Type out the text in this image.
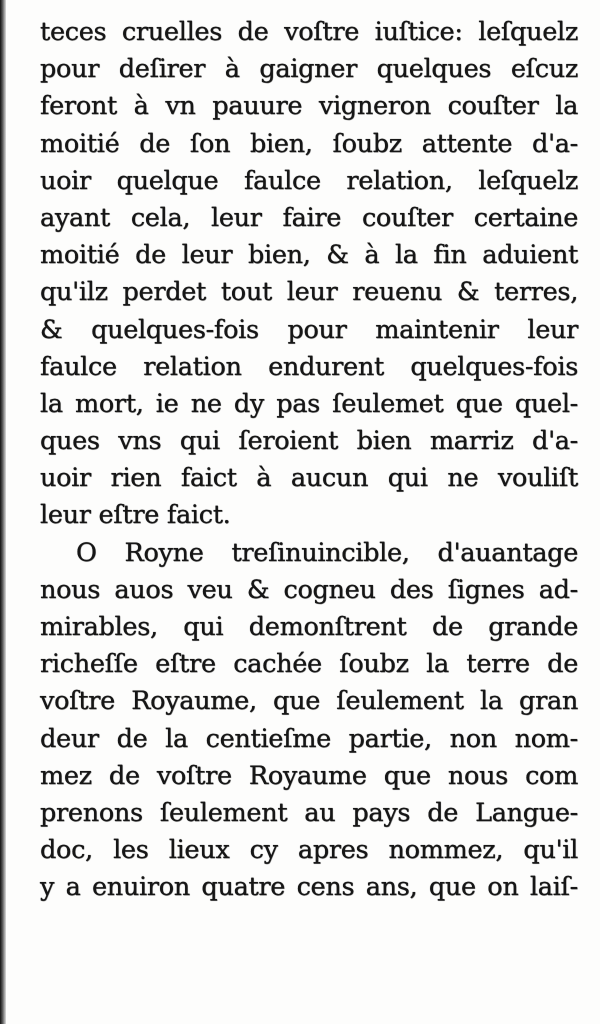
teces cruelles de voſtre iuſtice: leſquelz
pour deſirer à gaigner quelques eſcuz
feront à vn pauure vigneron couſter la
moitié de ſon bien, ſoubz attente d'a-
uoir quelque faulce relation, leſquelz
ayant cela, leur faire couſter certaine
moitié de leur bien, & à la fin aduient
qu'ilz perdet tout leur reuenu & terres,
& quelques-fois pour maintenir leur
faulce relation endurent quelques-fois
la mort, ie ne dy pas ſeulemet que quel-
ques vns qui ſeroient bien marriz d'a-
uoir rien faict à aucun qui ne vouliſt
leur eſtre faict.
O Royne treſinuincible, d'auantage
nous auos veu & cogneu des ſignes ad-
mirables, qui demonſtrent de grande
richeſſe eſtre cachée ſoubz la terre de
voſtre Royaume, que ſeulement la gran
deur de la centieſme partie, non nom-
mez de voſtre Royaume que nous com
prenons ſeulement au pays de Langue-
doc, les lieux cy apres nommez, qu'il
y a enuiron quatre cens ans, que on laiſ-
